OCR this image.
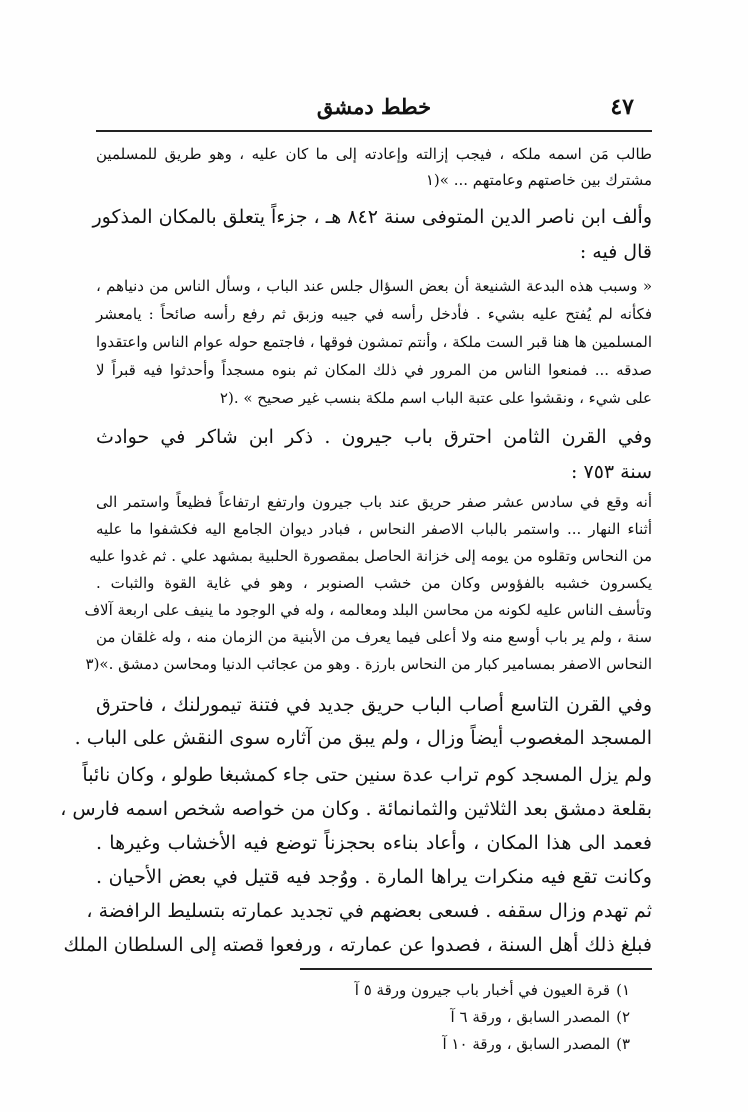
خطط دمشق	٤٧
طالب مَن اسمه ملكه ، فيجب إزالته وإعادته إلى ما كان عليه ، وهو طريق للمسلمين
مشترك بين خاصتهم وعامتهم ... »(١
وألف ابن ناصر الدين المتوفى سنة ٨٤٢ هـ ، جزءاً يتعلق بالمكان المذكور
قال فيه :
« وسبب هذه البدعة الشنيعة أن بعض السؤال جلس عند الباب ، وسأل الناس من دنياهم ،
فكأنه لم يُفتح عليه بشيء . فأدخل رأسه في جيبه وزبق ثم رفع رأسه صائحاً : يامعشر
المسلمين ها هنا قبر الست ملكة ، وأنتم تمشون فوقها ، فاجتمع حوله عوام الناس واعتقدوا
صدقه ... فمنعوا الناس من المرور في ذلك المكان ثم بنوه مسجداً وأحدثوا فيه قبراً لا
على شيء ، ونقشوا على عتبة الباب اسم ملكة بنسب غير صحيح » .(٢
وفي القرن الثامن احترق باب جيرون . ذكر ابن شاكر في حوادث
سنة ٧٥٣ :
أنه وقع في سادس عشر صفر حريق عند باب جيرون وارتفع ارتفاعاً فظيعاً واستمر الى
أثناء النهار ... واستمر بالباب الاصفر النحاس ، فبادر ديوان الجامع اليه فكشفوا ما عليه
من النحاس وتقلوه من يومه إلى خزانة الحاصل بمقصورة الحلبية بمشهد علي . ثم غدوا عليه
يكسرون خشبه بالفؤوس وكان من خشب الصنوبر ، وهو في غاية القوة والثبات .
وتأسف الناس عليه لكونه من محاسن البلد ومعالمه ، وله في الوجود ما ينيف على اربعة آلاف
سنة ، ولم ير باب أوسع منه ولا أعلى فيما يعرف من الأبنية من الزمان منه ، وله غلقان من
النحاس الاصفر بمسامير كبار من النحاس بارزة . وهو من عجائب الدنيا ومحاسن دمشق .»(٣
وفي القرن التاسع أصاب الباب حريق جديد في فتنة تيمورلنك ، فاحترق
المسجد المغصوب أيضاً وزال ، ولم يبق من آثاره سوى النقش على الباب .
ولم يزل المسجد كوم تراب عدة سنين حتى جاء كمشبغا طولو ، وكان نائباً
بقلعة دمشق بعد الثلاثين والثمانمائة . وكان من خواصه شخص اسمه فارس ،
فعمد الى هذا المكان ، وأعاد بناءه بحجزناً توضع فيه الأخشاب وغيرها .
وكانت تقع فيه منكرات يراها المارة . ووُجد فيه قتيل في بعض الأحيان .
ثم تهدم وزال سقفه . فسعى بعضهم في تجديد عمارته بتسليط الرافضة ،
فبلغ ذلك أهل السنة ، فصدوا عن عمارته ، ورفعوا قصته إلى السلطان الملك
١)قرة العيون في أخبار باب جيرون ورقة ٥ آ
٢)المصدر السابق ، ورقة ٦ آ
٣)المصدر السابق ، ورقة ١٠ آ
